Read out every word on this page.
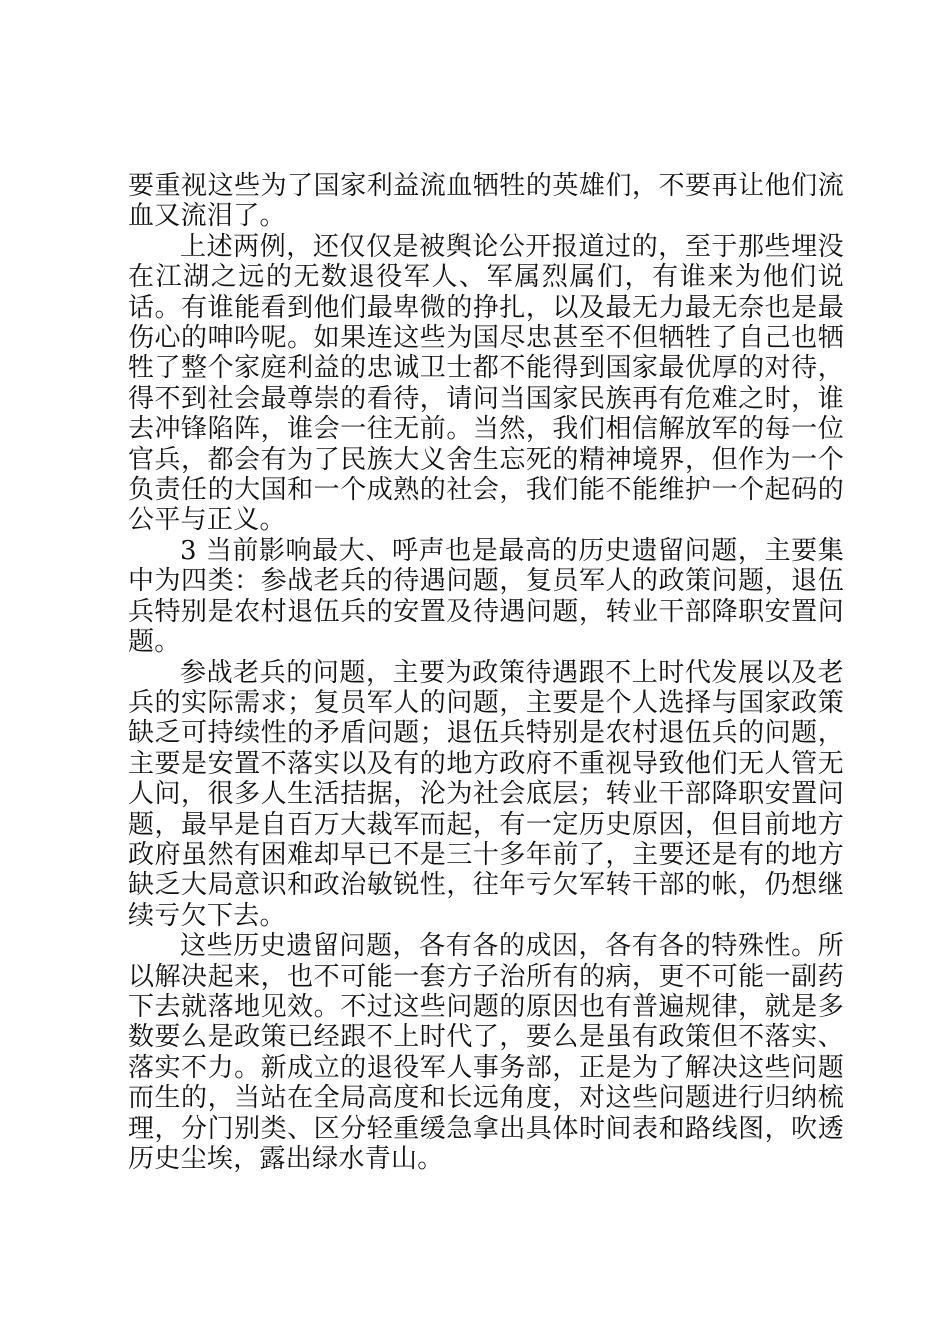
要重视这些为了国家利益流血牺牲的英雄们，不要再让他们流血又流泪了。

上述两例，还仅仅是被舆论公开报道过的，至于那些埋没在江湖之远的无数退役军人、军属烈属们，有谁来为他们说话。有谁能看到他们最卑微的挣扎，以及最无力最无奈也是最伤心的呻吟呢。如果连这些为国尽忠甚至不但牺牲了自己也牺牲了整个家庭利益的忠诚卫士都不能得到国家最优厚的对待，得不到社会最尊崇的看待，请问当国家民族再有危难之时，谁去冲锋陷阵，谁会一往无前。当然，我们相信解放军的每一位官兵，都会有为了民族大义舍生忘死的精神境界，但作为一个负责任的大国和一个成熟的社会，我们能不能维护一个起码的公平与正义。

3 当前影响最大、呼声也是最高的历史遗留问题，主要集中为四类：参战老兵的待遇问题，复员军人的政策问题，退伍兵特别是农村退伍兵的安置及待遇问题，转业干部降职安置问题。

参战老兵的问题，主要为政策待遇跟不上时代发展以及老兵的实际需求；复员军人的问题，主要是个人选择与国家政策缺乏可持续性的矛盾问题；退伍兵特别是农村退伍兵的问题，主要是安置不落实以及有的地方政府不重视导致他们无人管无人问，很多人生活拮据，沦为社会底层；转业干部降职安置问题，最早是自百万大裁军而起，有一定历史原因，但目前地方政府虽然有困难却早已不是三十多年前了，主要还是有的地方缺乏大局意识和政治敏锐性，往年亏欠军转干部的帐，仍想继续亏欠下去。

这些历史遗留问题，各有各的成因，各有各的特殊性。所以解决起来，也不可能一套方子治所有的病，更不可能一副药下去就落地见效。不过这些问题的原因也有普遍规律，就是多数要么是政策已经跟不上时代了，要么是虽有政策但不落实、落实不力。新成立的退役军人事务部，正是为了解决这些问题而生的，当站在全局高度和长远角度，对这些问题进行归纳梳理，分门别类、区分轻重缓急拿出具体时间表和路线图，吹透历史尘埃，露出绿水青山。
